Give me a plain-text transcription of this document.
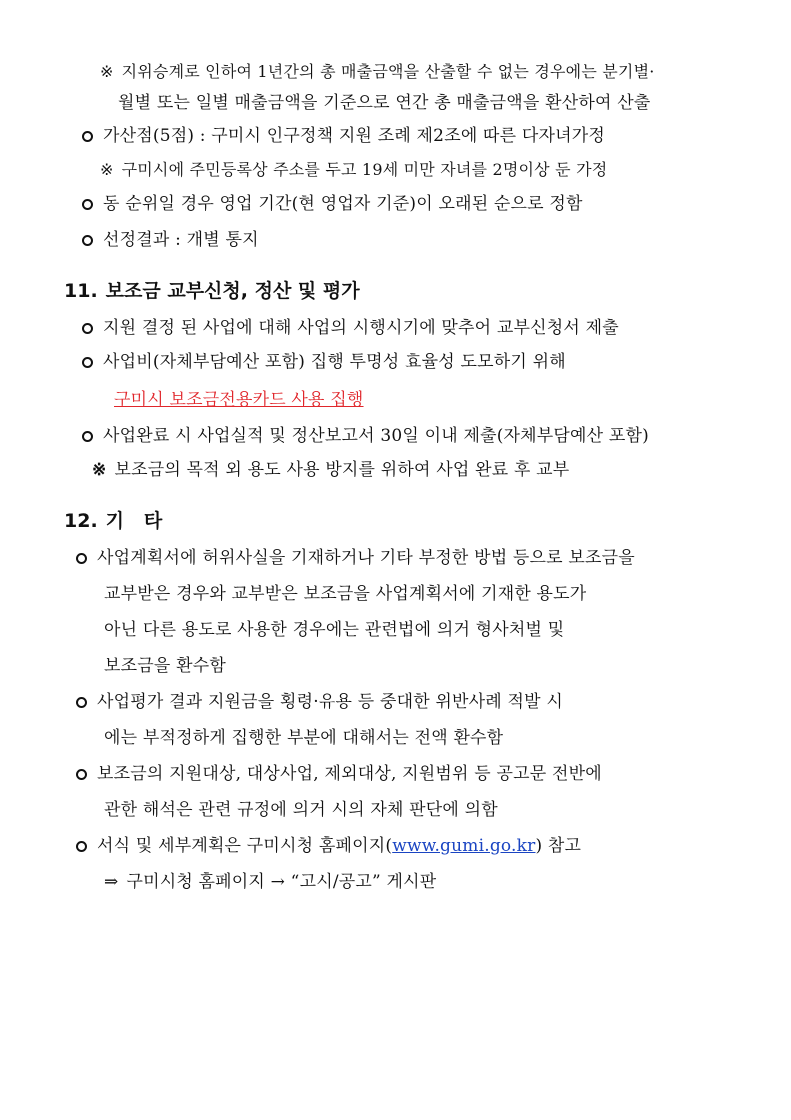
※ 지위승계로 인하여 1년간의 총 매출금액을 산출할 수 없는 경우에는 분기별·
월별 또는 일별 매출금액을 기준으로 연간 총 매출금액을 환산하여 산출
가산점(5점) : 구미시 인구정책 지원 조례 제2조에 따른 다자녀가정
※ 구미시에 주민등록상 주소를 두고 19세 미만 자녀를 2명이상 둔 가정
동 순위일 경우 영업 기간(현 영업자 기준)이 오래된 순으로 정함
선정결과 : 개별 통지
11. 보조금 교부신청, 정산 및 평가
지원 결정 된 사업에 대해 사업의 시행시기에 맞추어 교부신청서 제출
사업비(자체부담예산 포함) 집행 투명성 효율성 도모하기 위해
구미시 보조금전용카드 사용 집행
사업완료 시 사업실적 및 정산보고서 30일 이내 제출(자체부담예산 포함)
※ 보조금의 목적 외 용도 사용 방지를 위하여 사업 완료 후 교부
12. 기   타
사업계획서에 허위사실을 기재하거나 기타 부정한 방법 등으로 보조금을
교부받은 경우와 교부받은 보조금을 사업계획서에 기재한 용도가
아닌 다른 용도로 사용한 경우에는 관련법에 의거 형사처벌 및
보조금을 환수함
사업평가 결과 지원금을 횡령·유용 등 중대한 위반사례 적발 시
에는 부적정하게 집행한 부분에 대해서는 전액 환수함
보조금의 지원대상, 대상사업, 제외대상, 지원범위 등 공고문 전반에
관한 해석은 관련 규정에 의거 시의 자체 판단에 의함
서식 및 세부계획은 구미시청 홈페이지(www.gumi.go.kr) 참고
⇒ 구미시청 홈페이지 → “고시/공고” 게시판
